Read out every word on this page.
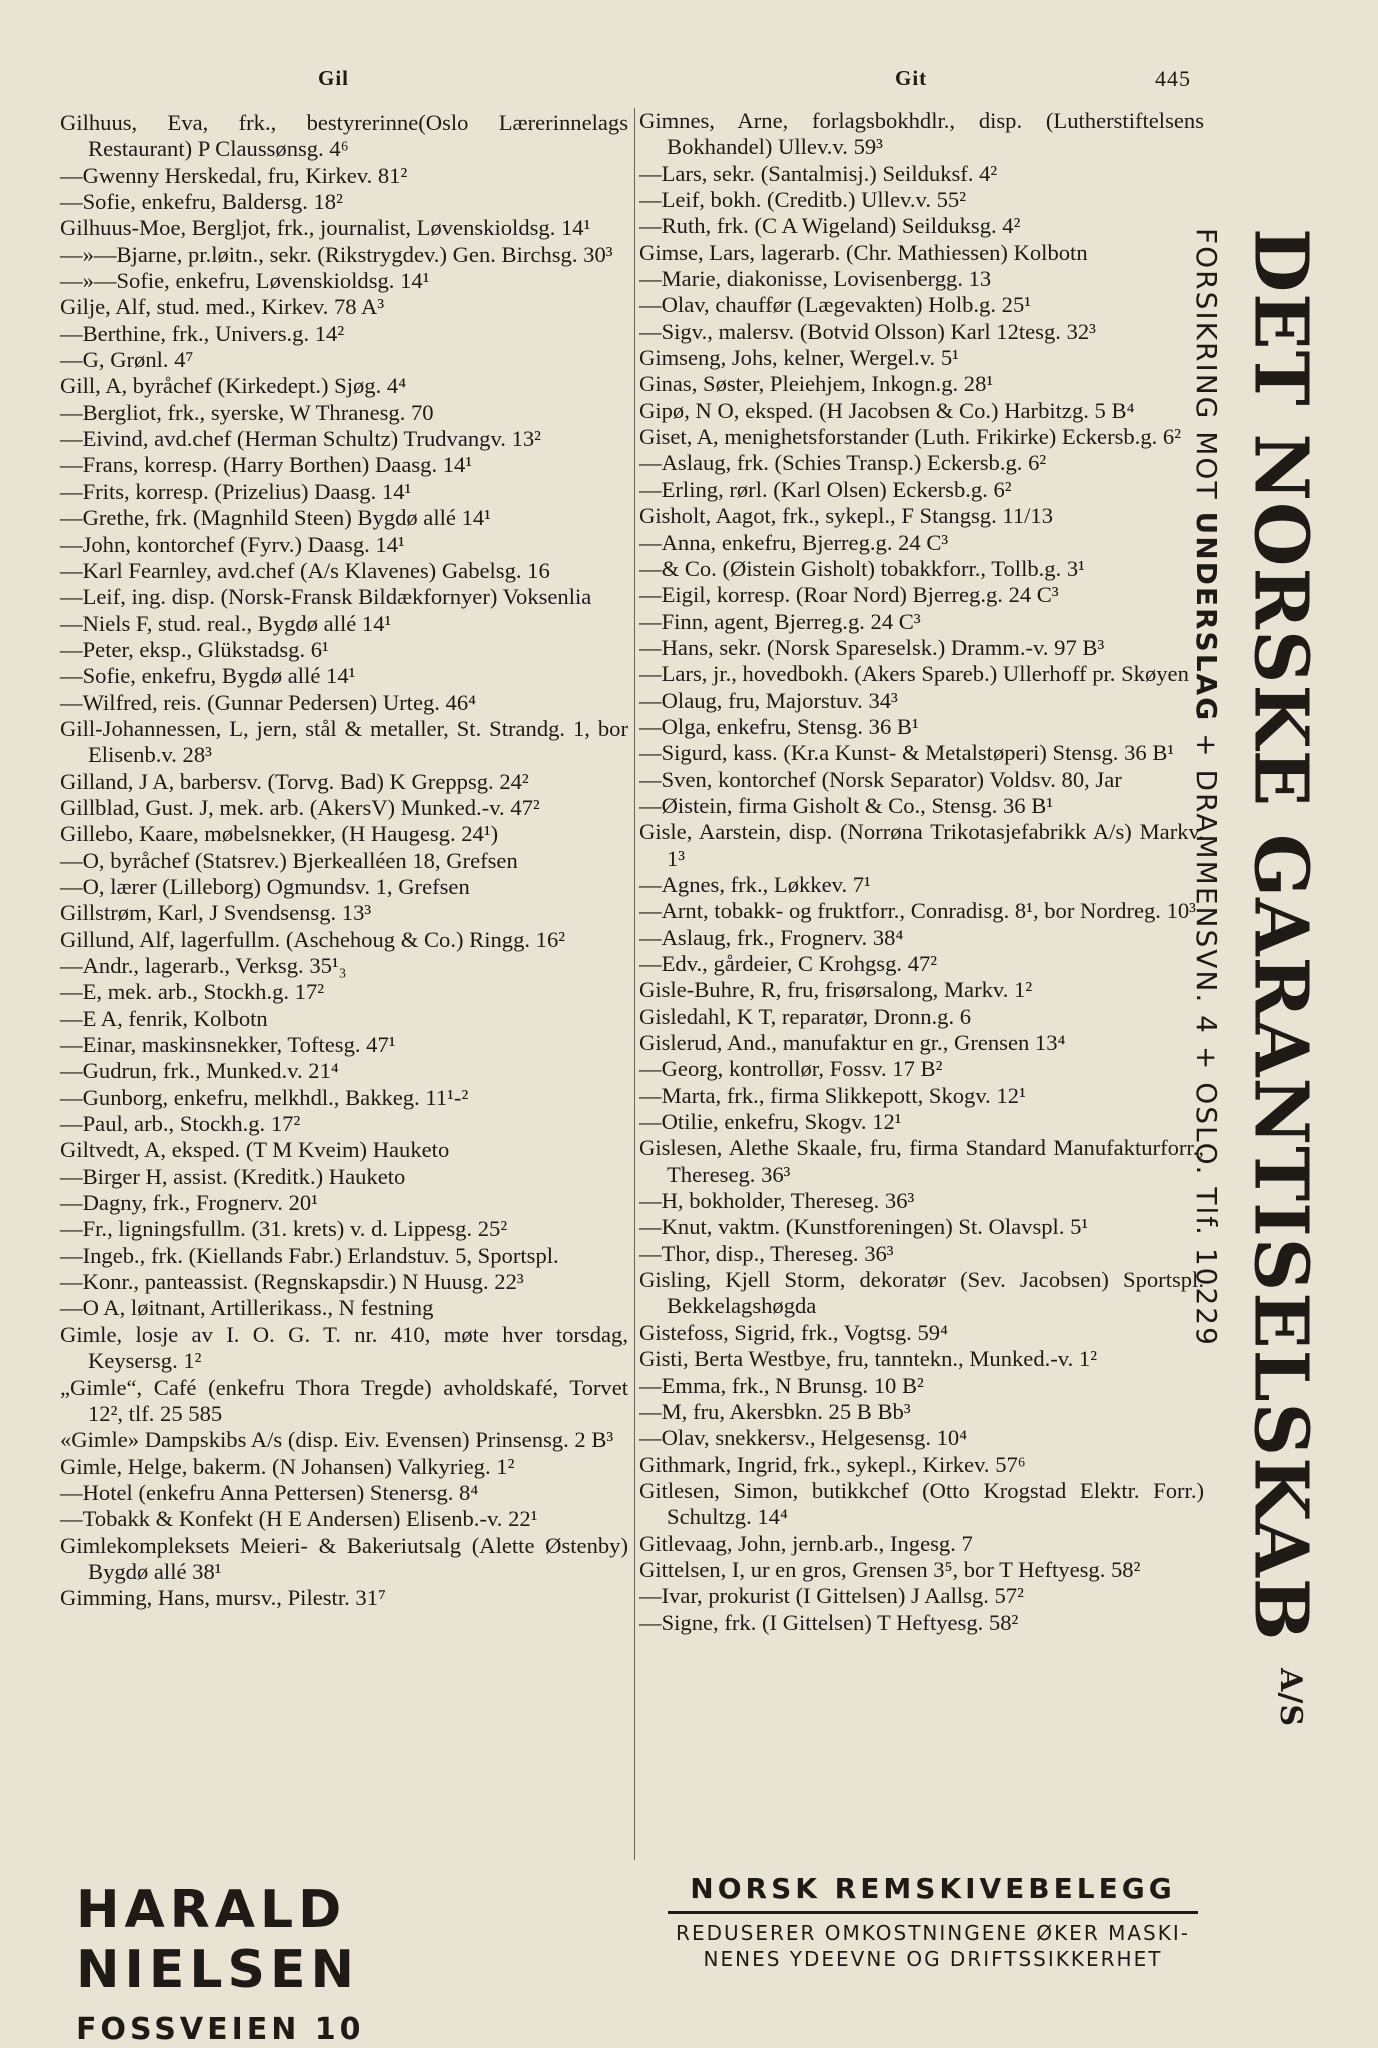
Gil	Git	445
Gilhuus, Eva, frk., bestyrerinne(Oslo Lærerinnelags Restaurant) P Claussønsg. 4⁶
—Gwenny Herskedal, fru, Kirkev. 81²
—Sofie, enkefru, Baldersg. 18²
Gilhuus-Moe, Bergljot, frk., journalist, Løvenskioldsg. 14¹
—»—Bjarne, pr.løitn., sekr. (Rikstrygdev.) Gen. Birchsg. 30³
—»—Sofie, enkefru, Løvenskioldsg. 14¹
Gilje, Alf, stud. med., Kirkev. 78 A³
—Berthine, frk., Univers.g. 14²
—G, Grønl. 4⁷
Gill, A, byråchef (Kirkedept.) Sjøg. 4⁴
—Bergliot, frk., syerske, W Thranesg. 70
—Eivind, avd.chef (Herman Schultz) Trudvangv. 13²
—Frans, korresp. (Harry Borthen) Daasg. 14¹
—Frits, korresp. (Prizelius) Daasg. 14¹
—Grethe, frk. (Magnhild Steen) Bygdø allé 14¹
—John, kontorchef (Fyrv.) Daasg. 14¹
—Karl Fearnley, avd.chef (A/s Klavenes) Gabelsg. 16
—Leif, ing. disp. (Norsk-Fransk Bildækfornyer) Voksenlia
—Niels F, stud. real., Bygdø allé 14¹
—Peter, eksp., Glükstadsg. 6¹
—Sofie, enkefru, Bygdø allé 14¹
—Wilfred, reis. (Gunnar Pedersen) Urteg. 46⁴
Gill-Johannessen, L, jern, stål & metaller, St. Strandg. 1, bor Elisenb.v. 28³
Gilland, J A, barbersv. (Torvg. Bad) K Greppsg. 24²
Gillblad, Gust. J, mek. arb. (AkersV) Munked.-v. 47²
Gillebo, Kaare, møbelsnekker, (H Haugesg. 24¹)
—O, byråchef (Statsrev.) Bjerkealléen 18, Grefsen
—O, lærer (Lilleborg) Ogmundsv. 1, Grefsen
Gillstrøm, Karl, J Svendsensg. 13³
Gillund, Alf, lagerfullm. (Aschehoug & Co.) Ringg. 16²
—Andr., lagerarb., Verksg. 35¹₃
—E, mek. arb., Stockh.g. 17²
—E A, fenrik, Kolbotn
—Einar, maskinsnekker, Toftesg. 47¹
—Gudrun, frk., Munked.v. 21⁴
—Gunborg, enkefru, melkhdl., Bakkeg. 11¹-²
—Paul, arb., Stockh.g. 17²
Giltvedt, A, eksped. (T M Kveim) Hauketo
—Birger H, assist. (Kreditk.) Hauketo
—Dagny, frk., Frognerv. 20¹
—Fr., ligningsfullm. (31. krets) v. d. Lippesg. 25²
—Ingeb., frk. (Kiellands Fabr.) Erlandstuv. 5, Sportspl.
—Konr., panteassist. (Regnskapsdir.) N Huusg. 22³
—O A, løitnant, Artillerikass., N festning
Gimle, losje av I. O. G. T. nr. 410, møte hver torsdag, Keysersg. 1²
„Gimle“, Café (enkefru Thora Tregde) avholdskafé, Torvet 12², tlf. 25 585
«Gimle» Dampskibs A/s (disp. Eiv. Evensen) Prinsensg. 2 B³
Gimle, Helge, bakerm. (N Johansen) Valkyrieg. 1²
—Hotel (enkefru Anna Pettersen) Stenersg. 8⁴
—Tobakk & Konfekt (H E Andersen) Elisenb.-v. 22¹
Gimlekompleksets Meieri- & Bakeriutsalg (Alette Østenby) Bygdø allé 38¹
Gimming, Hans, mursv., Pilestr. 31⁷
Gimnes, Arne, forlagsbokhdlr., disp. (Lutherstiftelsens Bokhandel) Ullev.v. 59³
—Lars, sekr. (Santalmisj.) Seilduksf. 4²
—Leif, bokh. (Creditb.) Ullev.v. 55²
—Ruth, frk. (C A Wigeland) Seilduksg. 4²
Gimse, Lars, lagerarb. (Chr. Mathiessen) Kolbotn
—Marie, diakonisse, Lovisenbergg. 13
—Olav, chauffør (Lægevakten) Holb.g. 25¹
—Sigv., malersv. (Botvid Olsson) Karl 12tesg. 32³
Gimseng, Johs, kelner, Wergel.v. 5¹
Ginas, Søster, Pleiehjem, Inkogn.g. 28¹
Gipø, N O, eksped. (H Jacobsen & Co.) Harbitzg. 5 B⁴
Giset, A, menighetsforstander (Luth. Frikirke) Eckersb.g. 6²
—Aslaug, frk. (Schies Transp.) Eckersb.g. 6²
—Erling, rørl. (Karl Olsen) Eckersb.g. 6²
Gisholt, Aagot, frk., sykepl., F Stangsg. 11/13
—Anna, enkefru, Bjerreg.g. 24 C³
—& Co. (Øistein Gisholt) tobakkforr., Tollb.g. 3¹
—Eigil, korresp. (Roar Nord) Bjerreg.g. 24 C³
—Finn, agent, Bjerreg.g. 24 C³
—Hans, sekr. (Norsk Spareselsk.) Dramm.-v. 97 B³
—Lars, jr., hovedbokh. (Akers Spareb.) Ullerhoff pr. Skøyen
—Olaug, fru, Majorstuv. 34³
—Olga, enkefru, Stensg. 36 B¹
—Sigurd, kass. (Kr.a Kunst- & Metalstøperi) Stensg. 36 B¹
—Sven, kontorchef (Norsk Separator) Voldsv. 80, Jar
—Øistein, firma Gisholt & Co., Stensg. 36 B¹
Gisle, Aarstein, disp. (Norrøna Trikotasjefabrikk A/s) Markv. 1³
—Agnes, frk., Løkkev. 7¹
—Arnt, tobakk- og fruktforr., Conradisg. 8¹, bor Nordreg. 10³
—Aslaug, frk., Frognerv. 38⁴
—Edv., gårdeier, C Krohgsg. 47²
Gisle-Buhre, R, fru, frisørsalong, Markv. 1²
Gisledahl, K T, reparatør, Dronn.g. 6
Gislerud, And., manufaktur en gr., Grensen 13⁴
—Georg, kontrollør, Fossv. 17 B²
—Marta, frk., firma Slikkepott, Skogv. 12¹
—Otilie, enkefru, Skogv. 12¹
Gislesen, Alethe Skaale, fru, firma Standard Manufakturforr., Thereseg. 36³
—H, bokholder, Thereseg. 36³
—Knut, vaktm. (Kunstforeningen) St. Olavspl. 5¹
—Thor, disp., Thereseg. 36³
Gisling, Kjell Storm, dekoratør (Sev. Jacobsen) Sportspl. Bekkelagshøgda
Gistefoss, Sigrid, frk., Vogtsg. 59⁴
Gisti, Berta Westbye, fru, tanntekn., Munked.-v. 1²
—Emma, frk., N Brunsg. 10 B²
—M, fru, Akersbkn. 25 B Bb³
—Olav, snekkersv., Helgesensg. 10⁴
Githmark, Ingrid, frk., sykepl., Kirkev. 57⁶
Gitlesen, Simon, butikkchef (Otto Krogstad Elektr. Forr.) Schultzg. 14⁴
Gitlevaag, John, jernb.arb., Ingesg. 7
Gittelsen, I, ur en gros, Grensen 3⁵, bor T Heftyesg. 58²
—Ivar, prokurist (I Gittelsen) J Aallsg. 57²
—Signe, frk. (I Gittelsen) T Heftyesg. 58²	DET NORSKE GARANTISELSKAB $^{A/S}$
FORSIKRING MOT UNDERSLAG + DRAMMENSVN. 4 + OSLO. Tlf. 10229
HARALD NIELSEN
FOSSVEIEN 10
NORSK REMSKIVEBELEGG
REDUSERER OMKOSTNINGENE ØKER MASKI-
NENES YDEEVNE OG DRIFTSSIKKERHET
